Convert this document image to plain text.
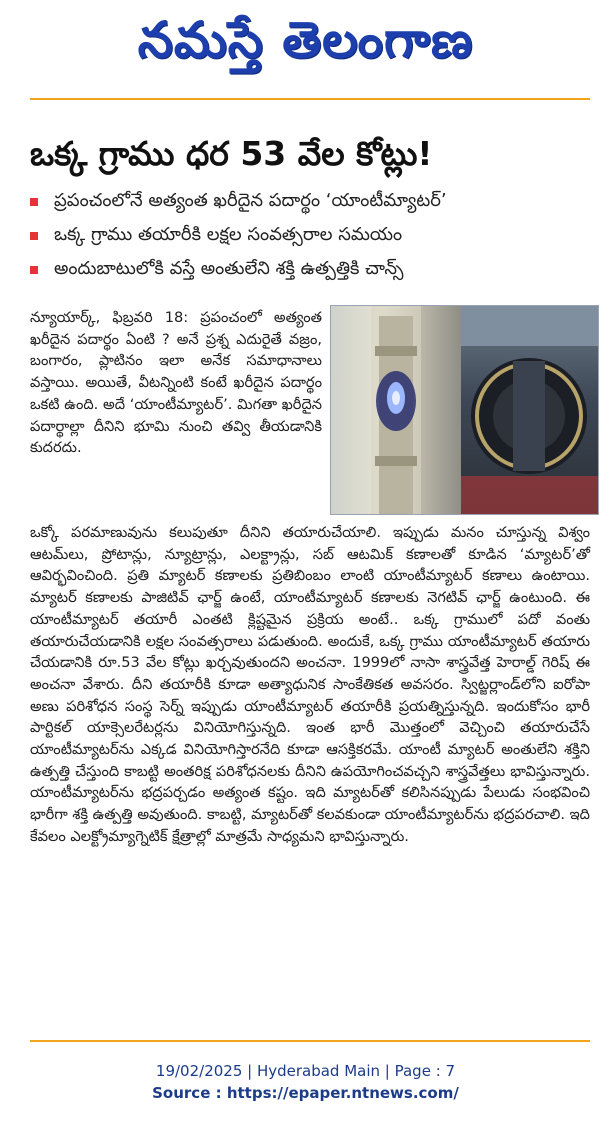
నమస్తే తెలంగాణ
ఒక్క గ్రాము ధర 53 వేల కోట్లు!
ప్రపంచంలోనే అత్యంత ఖరీదైన పదార్థం ‘యాంటీమ్యాటర్’
ఒక్క గ్రాము తయారీకి లక్షల సంవత్సరాల సమయం
అందుబాటులోకి వస్తే అంతులేని శక్తి ఉత్పత్తికి చాన్స్
న్యూయార్క్, ఫిబ్రవరి 18: ప్రపంచంలో అత్యంత ఖరీదైన పదార్థం ఏంటి ? అనే ప్రశ్న ఎదురైతే వజ్రం, బంగారం, ప్లాటినం ఇలా అనేక సమాధానాలు వస్తాయి. అయితే, వీటన్నింటి కంటే ఖరీదైన పదార్థం ఒకటి ఉంది. అదే ‘యాంటీమ్యాటర్’. మిగతా ఖరీదైన పదార్థాల్లా దీనిని భూమి నుంచి తవ్వి తీయడానికి కుదరదు.
ఒక్కో పరమాణువును కలుపుతూ దీనిని తయారుచేయాలి. ఇప్పుడు మనం చూస్తున్న విశ్వం ఆటమ్‌లు, ప్రోటాన్లు, న్యూట్రాన్లు, ఎలక్ట్రాన్లు, సబ్ ఆటమిక్ కణాలతో కూడిన ‘మ్యాటర్’తో ఆవిర్భవించింది. ప్రతి మ్యాటర్ కణాలకు ప్రతిబింబం లాంటి యాంటీమ్యాటర్ కణాలు ఉంటాయి. మ్యాటర్ కణాలకు పాజిటివ్ ఛార్జ్ ఉంటే, యాంటీమ్యాటర్ కణాలకు నెగటివ్ ఛార్జ్ ఉంటుంది. ఈ యాంటీమ్యాటర్ తయారీ ఎంతటి క్లిష్టమైన ప్రక్రియ అంటే.. ఒక్క గ్రాములో పదో వంతు తయారుచేయడానికి లక్షల సంవత్సరాలు పడుతుంది. అందుకే, ఒక్క గ్రాము యాంటీమ్యాటర్ తయారు చేయడానికి రూ.53 వేల కోట్లు ఖర్చవుతుందని అంచనా. 1999లో నాసా శాస్త్రవేత్త హెరాల్డ్ గెరిష్ ఈ అంచనా వేశారు. దీని తయారీకి కూడా అత్యాధునిక సాంకేతికత అవసరం. స్విట్జర్లాండ్‌లోని ఐరోపా అణు పరిశోధన సంస్థ సెర్న్ ఇప్పుడు యాంటీమ్యాటర్ తయారీకి ప్రయత్నిస్తున్నది. ఇందుకోసం భారీ పార్టికల్ యాక్సెలరేటర్లను వినియోగిస్తున్నది. ఇంత భారీ మొత్తంలో వెచ్చించి తయారుచేసే యాంటీమ్యాటర్‌ను ఎక్కడ వినియోగిస్తారనేది కూడా ఆసక్తికరమే. యాంటీ మ్యాటర్ అంతులేని శక్తిని ఉత్పత్తి చేస్తుంది కాబట్టి అంతరిక్ష పరిశోధనలకు దీనిని ఉపయోగించవచ్చని శాస్త్రవేత్తలు భావిస్తున్నారు. యాంటీమ్యాటర్‌ను భద్రపర్చడం అత్యంత కష్టం. ఇది మ్యాటర్‌తో కలిసినప్పుడు పేలుడు సంభవించి భారీగా శక్తి ఉత్పత్తి అవుతుంది. కాబట్టి, మ్యాటర్‌తో కలవకుండా యాంటీమ్యాటర్‌ను భద్రపరచాలి. ఇది కేవలం ఎలక్ట్రోమ్యాగ్నెటిక్ క్షేత్రాల్లో మాత్రమే సాధ్యమని భావిస్తున్నారు.
19/02/2025 | Hyderabad Main | Page : 7
Source : https://epaper.ntnews.com/
